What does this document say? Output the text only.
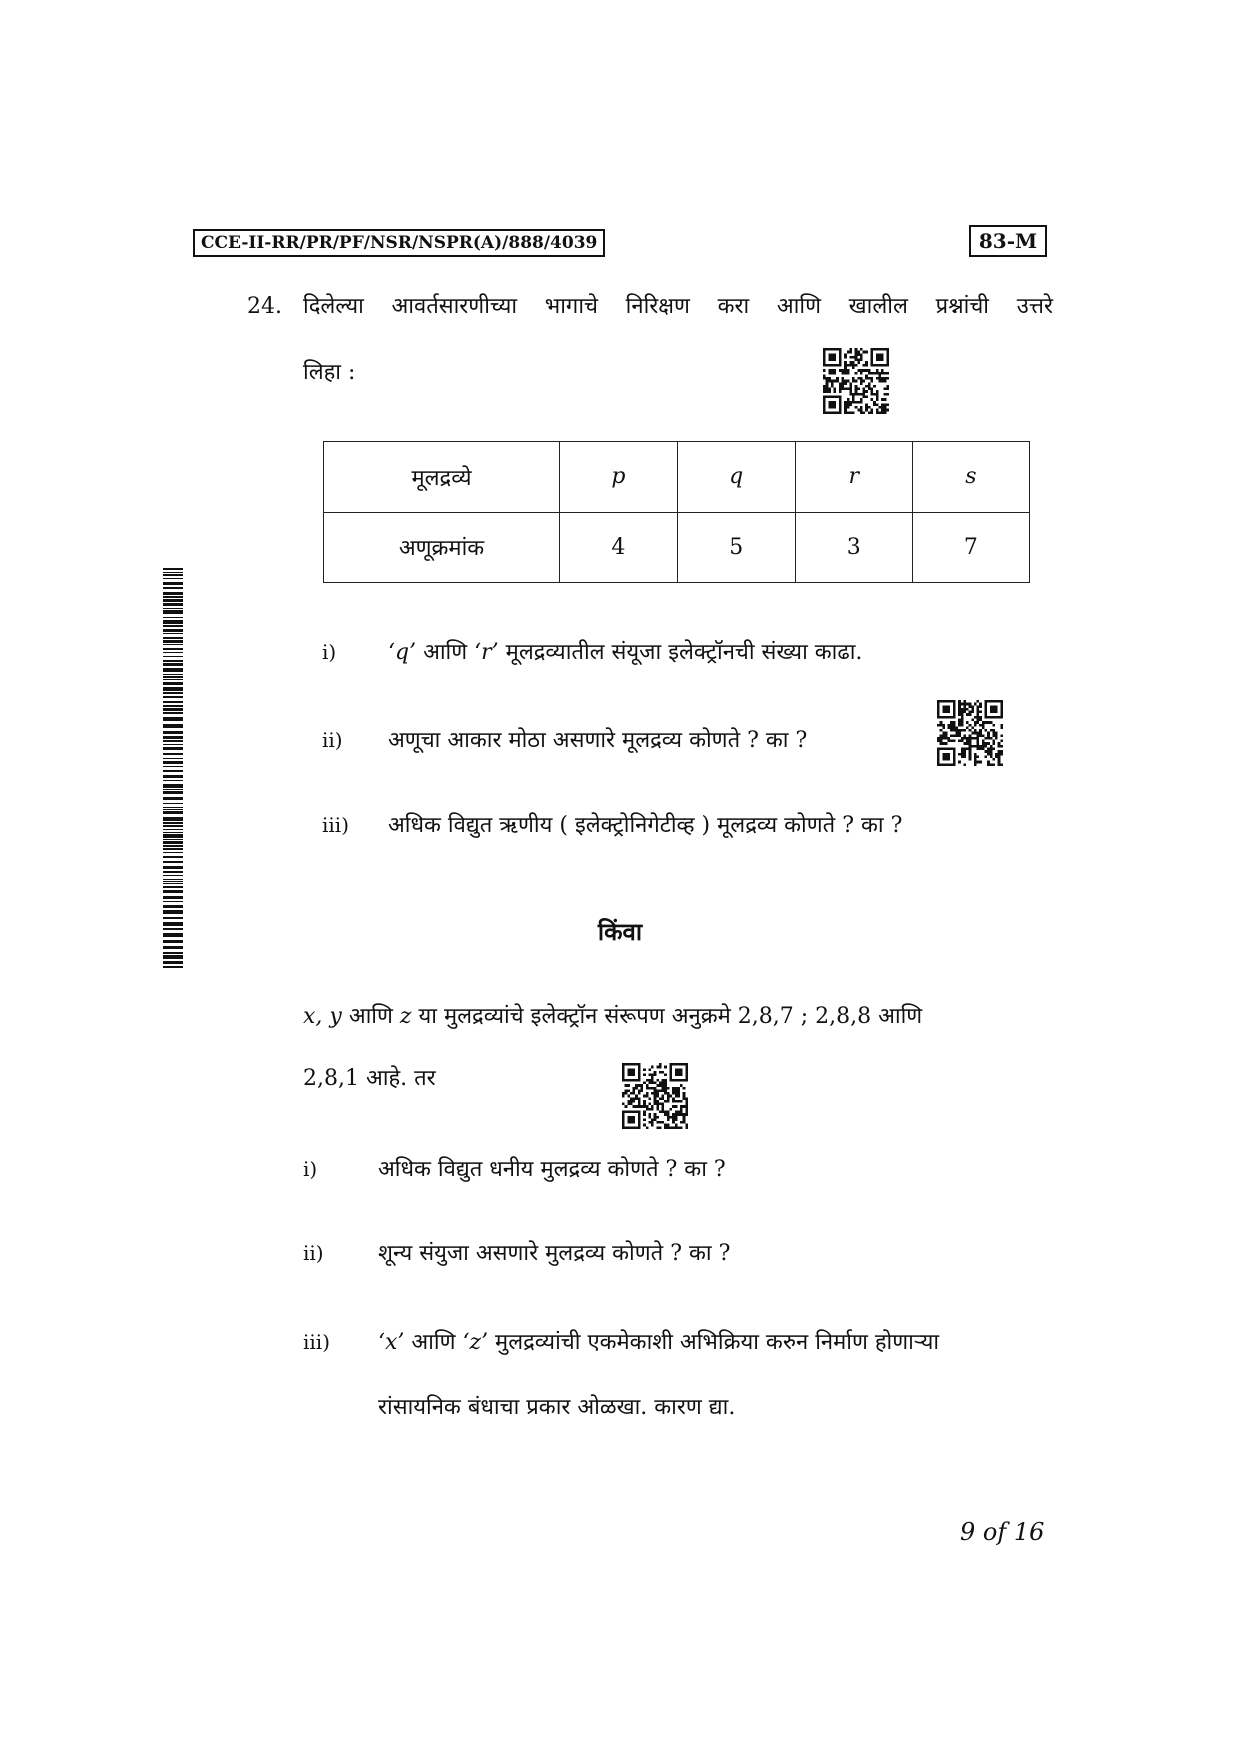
CCE-II-RR/PR/PF/NSR/NSPR(A)/888/4039	83-M
24. दिलेल्या आवर्तसारणीच्या भागाचे निरिक्षण करा आणि खालील प्रश्नांची उत्तरे
लिहा :
मूलद्रव्ये	p	q	r	s
अणूक्रमांक	4	5	3	7
i) ‘q’ आणि ‘r’ मूलद्रव्यातील संयूजा इलेक्ट्रॉनची संख्या काढा.
ii) अणूचा आकार मोठा असणारे मूलद्रव्य कोणते ? का ?
iii) अधिक विद्युत ऋणीय ( इलेक्ट्रोनिगेटीव्ह ) मूलद्रव्य कोणते ? का ?
किंवा
x, y आणि z या मुलद्रव्यांचे इलेक्ट्रॉन संरूपण अनुक्रमे 2,8,7 ; 2,8,8 आणि
2,8,1 आहे. तर
i)	अधिक विद्युत धनीय मुलद्रव्य कोणते ? का ?
ii) शून्य संयुजा असणारे मुलद्रव्य कोणते ? का ?
iii) ‘x’ आणि ‘z’ मुलद्रव्यांची एकमेकाशी अभिक्रिया करुन निर्माण होणाऱ्या
रांसायनिक बंधाचा प्रकार ओळखा. कारण द्या.
9 of 16
